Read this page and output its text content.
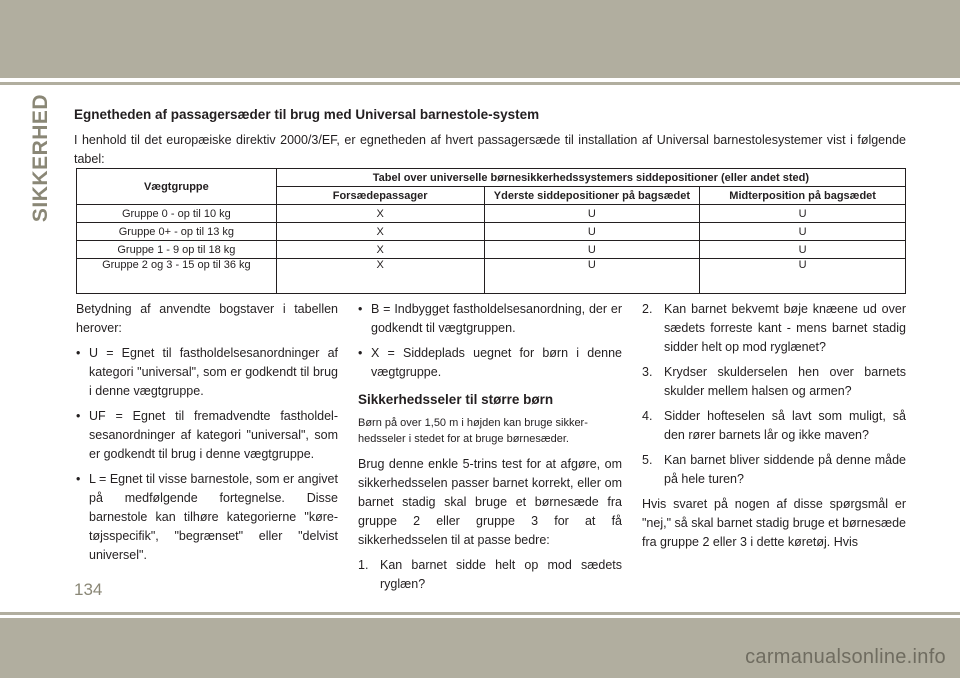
SIKKERHED Egnetheden af passagersæder til brug med Universal barnestole-system
I henhold til det europæiske direktiv 2000/3/EF, er egnetheden af hvert passagersæde til installation af Universal barnestolesystemer vist i følgende tabel:
Vægtgruppe	Tabel over universelle børnesikkerhedssystemers siddepositioner (eller andet sted)		
	Forsædepassager	Yderste siddepositioner på bagsædet	Midterposition på bagsædet
Gruppe 0 - op til 10 kg	X	U	U
Gruppe 0+ - op til 13 kg	X	U	U
Gruppe 1 - 9 op til 18 kg	X	U	U
Gruppe 2 og 3 - 15 op til 36 kg	X	U	U

Betydning af anvendte bogstaver i tabellen herover:

• U = Egnet til fastholdelsesanordninger af kategori "universal", som er godkendt til brug i denne vægtgruppe.
• UF = Egnet til fremadvendte fastholdelsesanordninger af kategori "universal", som er godkendt til brug i denne vægtgruppe.
• L = Egnet til visse barnestole, som er angivet på medfølgende fortegnelse. Disse barnestole kan tilhøre kategorierne "køretøjsspecifik", "begrænset" eller "delvist universel".
• B = Indbygget fastholdelsesanordning, der er godkendt til vægtgruppen.
• X = Siddeplads uegnet for børn i denne vægtgruppe.
Sikkerhedsseler til større børn
Børn på over 1,50 m i højden kan bruge sikkerhedsseler i stedet for at bruge børnesæder.

Brug denne enkle 5-trins test for at afgøre, om sikkerhedsselen passer barnet korrekt, eller om barnet stadig skal bruge et børnesæde fra gruppe 2 eller gruppe 3 for at få sikkerhedsselen til at passe bedre:

1. Kan barnet sidde helt op mod sædets ryglæn?
2. Kan barnet bekvemt bøje knæene ud over sædets forreste kant - mens barnet stadig sidder helt op mod ryglænet?
3. Krydser skulderselen hen over barnets skulder mellem halsen og armen?
4. Sidder hofteselen så lavt som muligt, så den rører barnets lår og ikke maven?
5. Kan barnet bliver siddende på denne måde på hele turen?

Hvis svaret på nogen af disse spørgsmål er "nej," så skal barnet stadig bruge et børnesæde fra gruppe 2 eller 3 i dette køretøj. Hvis

134
carmanualsonline.info
